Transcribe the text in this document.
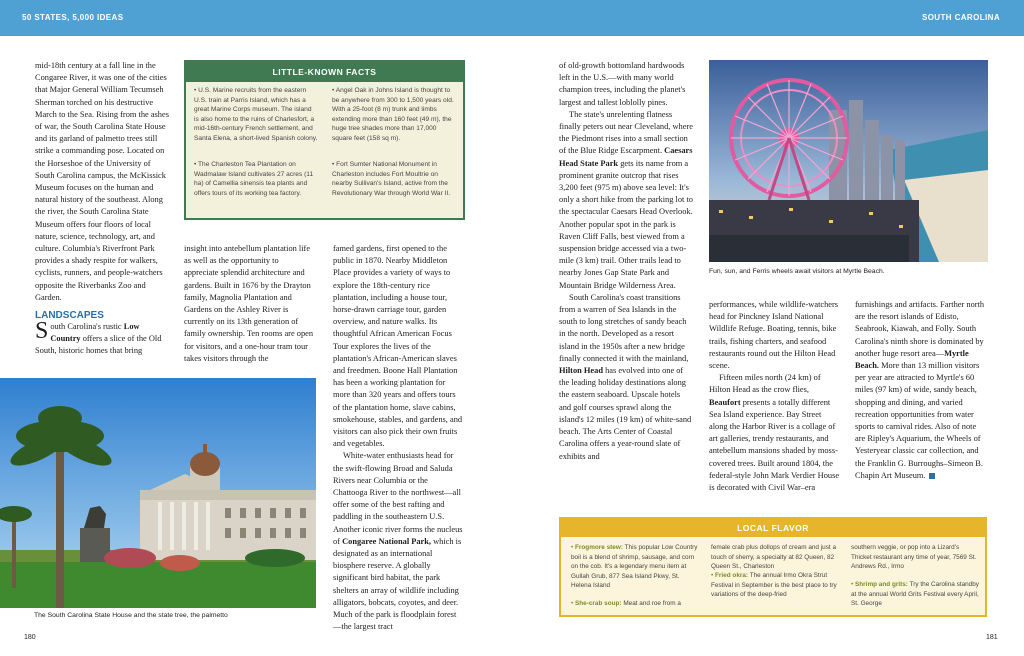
50 STATES, 5,000 IDEAS	SOUTH CAROLINA

mid-18th century at a fall line in the Congaree River, it was one of the cities that Major General William Tecumseh Sherman torched on his destructive March to the Sea. Rising from the ashes of war, the South Carolina State House and its garland of palmetto trees still strike a commanding pose. Located on the Horseshoe of the University of South Carolina campus, the McKissick Museum focuses on the human and natural history of the southeast. Along the river, the South Carolina State Museum offers four floors of local nature, science, technology, art, and culture. Columbia's Riverfront Park provides a shady respite for walkers, cyclists, runners, and people-watchers opposite the Riverbanks Zoo and Garden.

LANDSCAPES

South Carolina's rustic Low Country offers a slice of the Old South, historic homes that bring

LITTLE-KNOWN FACTS
• U.S. Marine recruits from the eastern U.S. train at Parris Island, which has a great Marine Corps museum. The island is also home to the ruins of Charlesfort, a mid-16th-century French settlement, and Santa Elena, a short-lived Spanish colony.
• The Charleston Tea Plantation on Wadmalaw Island cultivates 27 acres (11 ha) of Camellia sinensis tea plants and offers tours of its working tea factory.
• Angel Oak in Johns Island is thought to be anywhere from 300 to 1,500 years old. With a 25-foot (8 m) trunk and limbs extending more than 160 feet (49 m), the huge tree shades more than 17,000 square feet (158 sq m).
• Fort Sumter National Monument in Charleston includes Fort Moultrie on nearby Sullivan's Island, active from the Revolutionary War through World War II.

insight into antebellum plantation life as well as the opportunity to appreciate splendid architecture and gardens. Built in 1676 by the Drayton family, Magnolia Plantation and Gardens on the Ashley River is currently on its 13th generation of family ownership. Ten rooms are open for visitors, and a one-hour tram tour takes visitors through the

The South Carolina State House and the state tree, the palmetto

famed gardens, first opened to the public in 1870. Nearby Middleton Place provides a variety of ways to explore the 18th-century rice plantation, including a house tour, horse-drawn carriage tour, garden overview, and nature walks. Its thoughtful African American Focus Tour explores the lives of the plantation's African-American slaves and freedmen. Boone Hall Plantation has been a working plantation for more than 320 years and offers tours of the plantation home, slave cabins, smokehouse, stables, and gardens, and visitors can also pick their own fruits and vegetables.

White-water enthusiasts head for the swift-flowing Broad and Saluda Rivers near Columbia or the Chattooga River to the northwest—all offer some of the best rafting and paddling in the southeastern U.S. Another iconic river forms the nucleus of Congaree National Park, which is designated as an international biosphere reserve. A globally significant bird habitat, the park shelters an array of wildlife including alligators, bobcats, coyotes, and deer. Much of the park is floodplain forest—the largest tract

of old-growth bottomland hardwoods left in the U.S.—with many world champion trees, including the planet's largest and tallest loblolly pines.

The state's unrelenting flatness finally peters out near Cleveland, where the Piedmont rises into a small section of the Blue Ridge Escarpment. Caesars Head State Park gets its name from a prominent granite outcrop that rises 3,200 feet (975 m) above sea level: It's only a short hike from the parking lot to the spectacular Caesars Head Overlook. Another popular spot in the park is Raven Cliff Falls, best viewed from a suspension bridge accessed via a two-mile (3 km) trail. Other trails lead to nearby Jones Gap State Park and Mountain Bridge Wilderness Area.

South Carolina's coast transitions from a warren of Sea Islands in the south to long stretches of sandy beach in the north. Developed as a resort island in the 1950s after a new bridge finally connected it with the mainland, Hilton Head has evolved into one of the leading holiday destinations along the eastern seaboard. Upscale hotels and golf courses sprawl along the island's 12 miles (19 km) of white-sand beach. The Arts Center of Coastal Carolina offers a year-round slate of exhibits and

Fun, sun, and Ferris wheels await visitors at Myrtle Beach.

performances, while wildlife-watchers head for Pinckney Island National Wildlife Refuge. Boating, tennis, bike trails, fishing charters, and seafood restaurants round out the Hilton Head scene.

Fifteen miles north (24 km) of Hilton Head as the crow flies, Beaufort presents a totally different Sea Island experience. Bay Street along the Harbor River is a collage of art galleries, trendy restaurants, and antebellum mansions shaded by moss-covered trees. Built around 1804, the federal-style John Mark Verdier House is decorated with Civil War–era

furnishings and artifacts. Farther north are the resort islands of Edisto, Seabrook, Kiawah, and Folly. South Carolina's ninth shore is dominated by another huge resort area—Myrtle Beach. More than 13 million visitors per year are attracted to Myrtle's 60 miles (97 km) of wide, sandy beach, shopping and dining, and varied recreation opportunities from water sports to carnival rides. Also of note are Ripley's Aquarium, the Wheels of Yesteryear classic car collection, and the Franklin G. Burroughs–Simeon B. Chapin Art Museum.

LOCAL FLAVOR
• Frogmore stew: This popular Low Country boil is a blend of shrimp, sausage, and corn on the cob. It's a legendary menu item at Gullah Grub, 877 Sea Island Pkwy, St. Helena Island
• She-crab soup: Meat and roe from a
female crab plus dollops of cream and just a touch of sherry, a specialty at 82 Queen, 82 Queen St., Charleston
• Fried okra: The annual Irmo Okra Strut Festival in September is the best place to try variations of the deep-fried
southern veggie, or pop into a Lizard's Thicket restaurant any time of year, 7569 St. Andrews Rd., Irmo
• Shrimp and grits: Try the Carolina standby at the annual World Grits Festival every April, St. George
180	181
